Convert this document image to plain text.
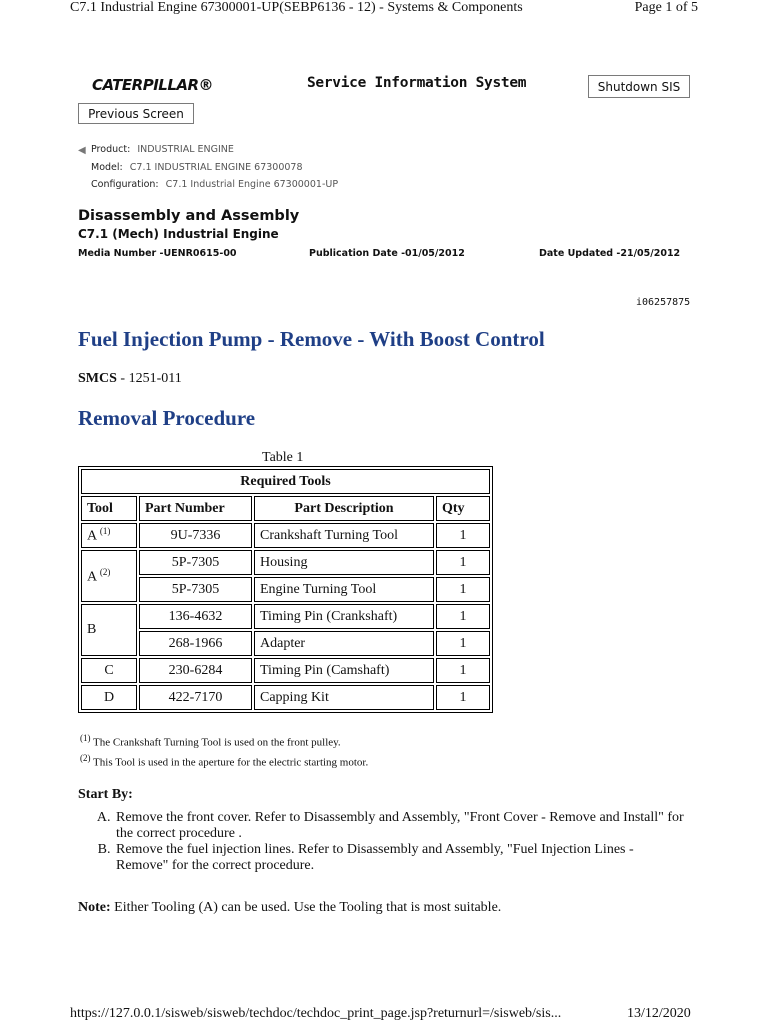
C7.1 Industrial Engine 67300001-UP(SEBP6136 - 12) - Systems & Components	Page 1 of 5
CATERPILLAR®	Service Information System	Shutdown SIS
Previous Screen
◀ Product: INDUSTRIAL ENGINE
Model: C7.1 INDUSTRIAL ENGINE 67300078
Configuration: C7.1 Industrial Engine 67300001-UP
Disassembly and Assembly
C7.1 (Mech) Industrial Engine
Media Number -UENR0615-00	Publication Date -01/05/2012	Date Updated -21/05/2012
i06257875
Fuel Injection Pump - Remove - With Boost Control
SMCS - 1251-011
Removal Procedure
Table 1
Required Tools			
Tool	Part Number	Part Description	Qty
A $^{(1)}$	9U-7336	Crankshaft Turning Tool	1
A $^{(2)}$	5P-7305	Housing	1
	5P-7305	Engine Turning Tool	1
B	136-4632	Timing Pin (Crankshaft)	1
	268-1966	Adapter	1
C	230-6284	Timing Pin (Camshaft)	1
D	422-7170	Capping Kit	1
$^{(1)}$ The Crankshaft Turning Tool is used on the front pulley.
$^{(2)}$ This Tool is used in the aperture for the electric starting motor.
Start By:
A. Remove the front cover. Refer to Disassembly and Assembly, "Front Cover - Remove and Install" for the correct procedure .
B. Remove the fuel injection lines. Refer to Disassembly and Assembly, "Fuel Injection Lines - Remove" for the correct procedure.
Note: Either Tooling (A) can be used. Use the Tooling that is most suitable.
https://127.0.0.1/sisweb/sisweb/techdoc/techdoc_print_page.jsp?returnurl=/sisweb/sis...	13/12/2020
